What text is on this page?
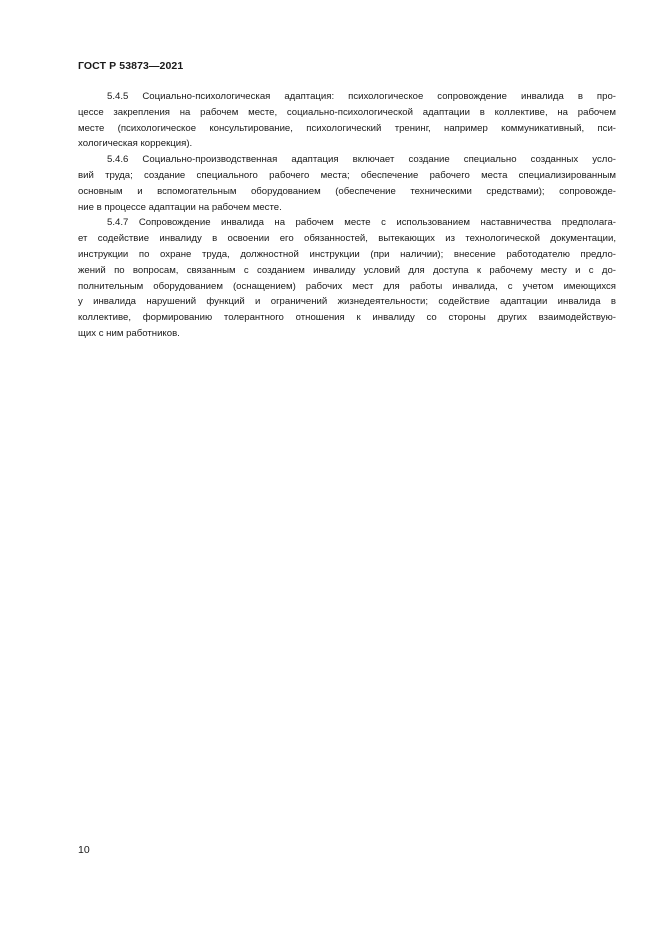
ГОСТ Р 53873—2021
5.4.5 Социально-психологическая адаптация: психологическое сопровождение инвалида в про-
цессе закрепления на рабочем месте, социально-психологической адаптации в коллективе, на рабочем
месте (психологическое консультирование, психологический тренинг, например коммуникативный, пси-
хологическая коррекция).
5.4.6 Социально-производственная адаптация включает создание специально созданных усло-
вий труда; создание специального рабочего места; обеспечение рабочего места специализированным
основным и вспомогательным оборудованием (обеспечение техническими средствами); сопровожде-
ние в процессе адаптации на рабочем месте.
5.4.7 Сопровождение инвалида на рабочем месте с использованием наставничества предполага-
ет содействие инвалиду в освоении его обязанностей, вытекающих из технологической документации,
инструкции по охране труда, должностной инструкции (при наличии); внесение работодателю предло-
жений по вопросам, связанным с созданием инвалиду условий для доступа к рабочему месту и с до-
полнительным оборудованием (оснащением) рабочих мест для работы инвалида, с учетом имеющихся
у инвалида нарушений функций и ограничений жизнедеятельности; содействие адаптации инвалида в
коллективе, формированию толерантного отношения к инвалиду со стороны других взаимодействую-
щих с ним работников.
10
